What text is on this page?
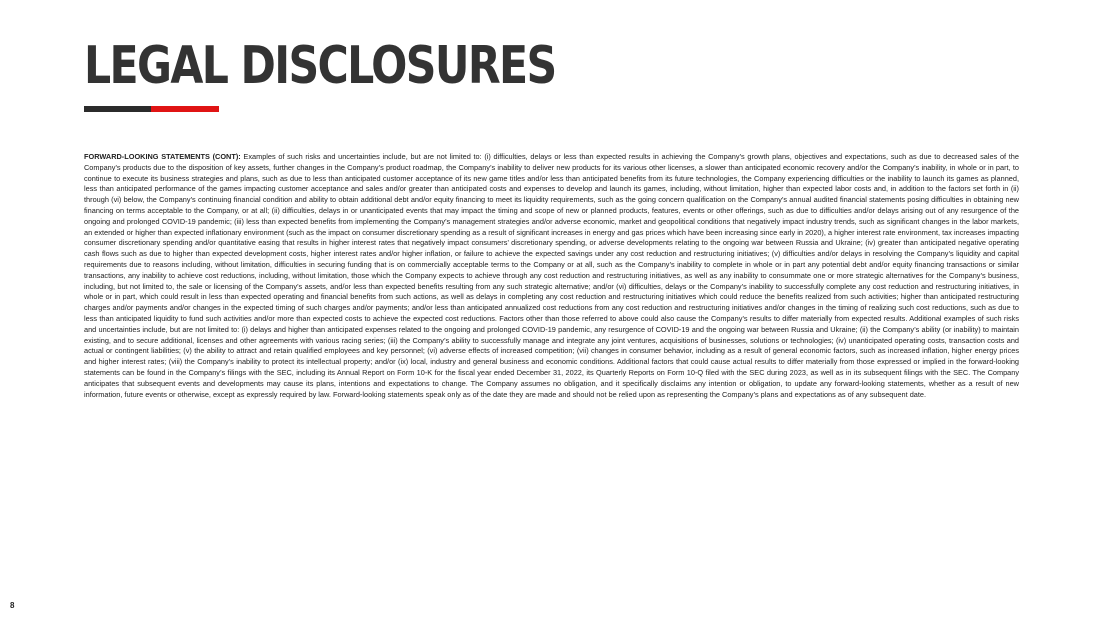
LEGAL DISCLOSURES

FORWARD-LOOKING STATEMENTS (CONT): Examples of such risks and uncertainties include, but are not limited to: (i) difficulties, delays or less than expected results in achieving the Company’s growth plans, objectives and expectations, such as due to decreased sales of the Company’s products due to the disposition of key assets, further changes in the Company’s product roadmap, the Company’s inability to deliver new products for its various other licenses, a slower than anticipated economic recovery and/or the Company’s inability, in whole or in part, to continue to execute its business strategies and plans, such as due to less than anticipated customer acceptance of its new game titles and/or less than anticipated benefits from its future technologies, the Company experiencing difficulties or the inability to launch its games as planned, less than anticipated performance of the games impacting customer acceptance and sales and/or greater than anticipated costs and expenses to develop and launch its games, including, without limitation, higher than expected labor costs and, in addition to the factors set forth in (ii) through (vi) below, the Company’s continuing financial condition and ability to obtain additional debt and/or equity financing to meet its liquidity requirements, such as the going concern qualification on the Company’s annual audited financial statements posing difficulties in obtaining new financing on terms acceptable to the Company, or at all; (ii) difficulties, delays in or unanticipated events that may impact the timing and scope of new or planned products, features, events or other offerings, such as due to difficulties and/or delays arising out of any resurgence of the ongoing and prolonged COVID-19 pandemic; (iii) less than expected benefits from implementing the Company’s management strategies and/or adverse economic, market and geopolitical conditions that negatively impact industry trends, such as significant changes in the labor markets, an extended or higher than expected inflationary environment (such as the impact on consumer discretionary spending as a result of significant increases in energy and gas prices which have been increasing since early in 2020), a higher interest rate environment, tax increases impacting consumer discretionary spending and/or quantitative easing that results in higher interest rates that negatively impact consumers’ discretionary spending, or adverse developments relating to the ongoing war between Russia and Ukraine; (iv) greater than anticipated negative operating cash flows such as due to higher than expected development costs, higher interest rates and/or higher inflation, or failure to achieve the expected savings under any cost reduction and restructuring initiatives; (v) difficulties and/or delays in resolving the Company’s liquidity and capital requirements due to reasons including, without limitation, difficulties in securing funding that is on commercially acceptable terms to the Company or at all, such as the Company’s inability to complete in whole or in part any potential debt and/or equity financing transactions or similar transactions, any inability to achieve cost reductions, including, without limitation, those which the Company expects to achieve through any cost reduction and restructuring initiatives, as well as any inability to consummate one or more strategic alternatives for the Company’s business, including, but not limited to, the sale or licensing of the Company’s assets, and/or less than expected benefits resulting from any such strategic alternative; and/or (vi) difficulties, delays or the Company’s inability to successfully complete any cost reduction and restructuring initiatives, in whole or in part, which could result in less than expected operating and financial benefits from such actions, as well as delays in completing any cost reduction and restructuring initiatives which could reduce the benefits realized from such activities; higher than anticipated restructuring charges and/or payments and/or changes in the expected timing of such charges and/or payments; and/or less than anticipated annualized cost reductions from any cost reduction and restructuring initiatives and/or changes in the timing of realizing such cost reductions, such as due to less than anticipated liquidity to fund such activities and/or more than expected costs to achieve the expected cost reductions. Factors other than those referred to above could also cause the Company’s results to differ materially from expected results. Additional examples of such risks and uncertainties include, but are not limited to: (i) delays and higher than anticipated expenses related to the ongoing and prolonged COVID-19 pandemic, any resurgence of COVID-19 and the ongoing war between Russia and Ukraine; (ii) the Company’s ability (or inability) to maintain existing, and to secure additional, licenses and other agreements with various racing series; (iii) the Company’s ability to successfully manage and integrate any joint ventures, acquisitions of businesses, solutions or technologies; (iv) unanticipated operating costs, transaction costs and actual or contingent liabilities; (v) the ability to attract and retain qualified employees and key personnel; (vi) adverse effects of increased competition; (vii) changes in consumer behavior, including as a result of general economic factors, such as increased inflation, higher energy prices and higher interest rates; (viii) the Company’s inability to protect its intellectual property; and/or (ix) local, industry and general business and economic conditions. Additional factors that could cause actual results to differ materially from those expressed or implied in the forward-looking statements can be found in the Company’s filings with the SEC, including its Annual Report on Form 10-K for the fiscal year ended December 31, 2022, its Quarterly Reports on Form 10-Q filed with the SEC during 2023, as well as in its subsequent filings with the SEC. The Company anticipates that subsequent events and developments may cause its plans, intentions and expectations to change. The Company assumes no obligation, and it specifically disclaims any intention or obligation, to update any forward-looking statements, whether as a result of new information, future events or otherwise, except as expressly required by law. Forward-looking statements speak only as of the date they are made and should not be relied upon as representing the Company’s plans and expectations as of any subsequent date.

8
